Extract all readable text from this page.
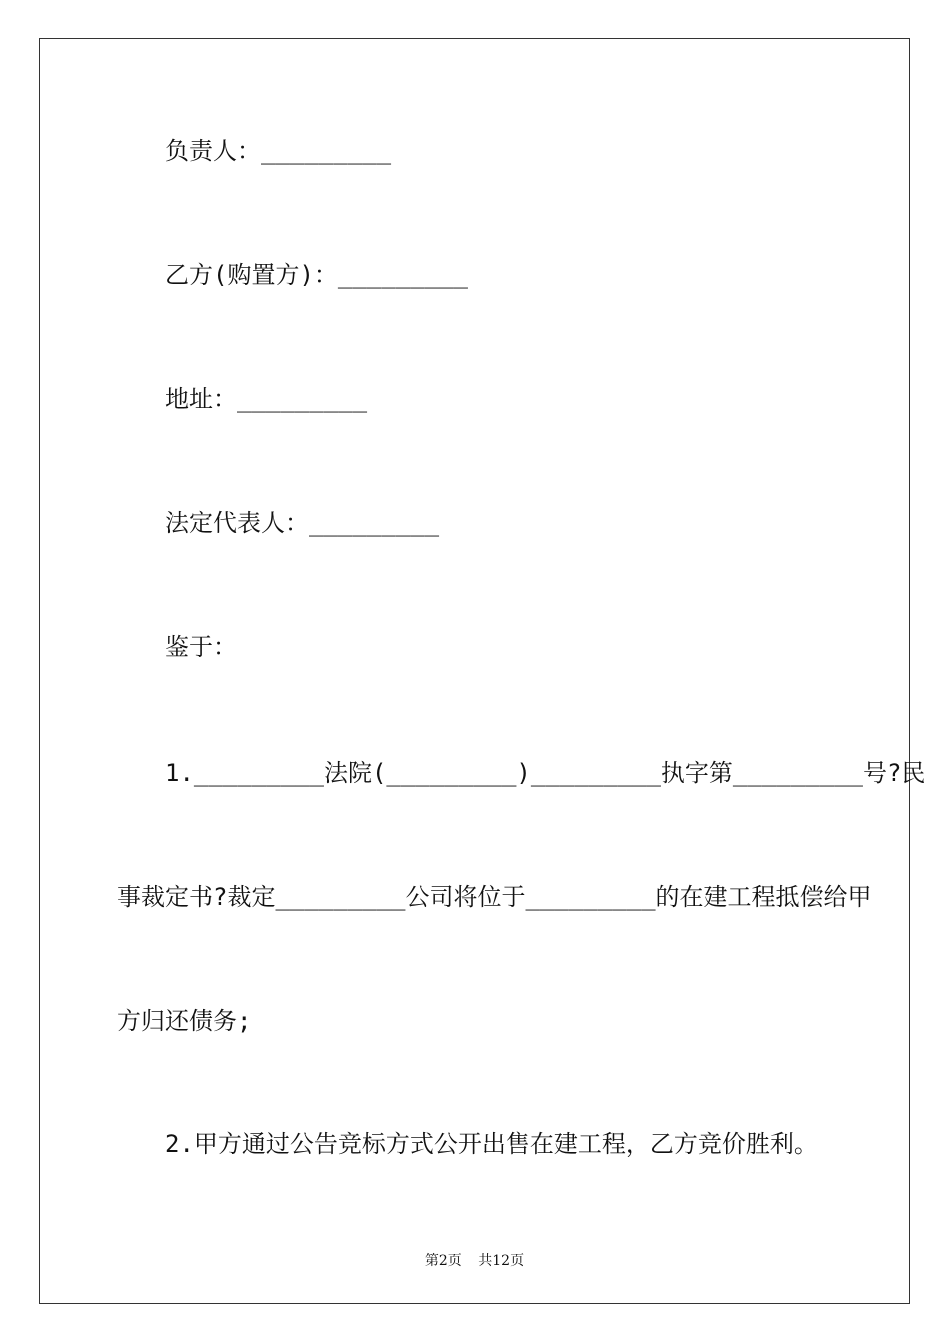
负责人：_________
乙方(购置方)：_________
地址：_________
法定代表人：_________
鉴于：
1._________法院(_________)_________执字第_________号?民
事裁定书?裁定_________公司将位于_________的在建工程抵偿给甲
方归还债务;
2.甲方通过公告竞标方式公开出售在建工程，乙方竞价胜利。
第2页 共12页
